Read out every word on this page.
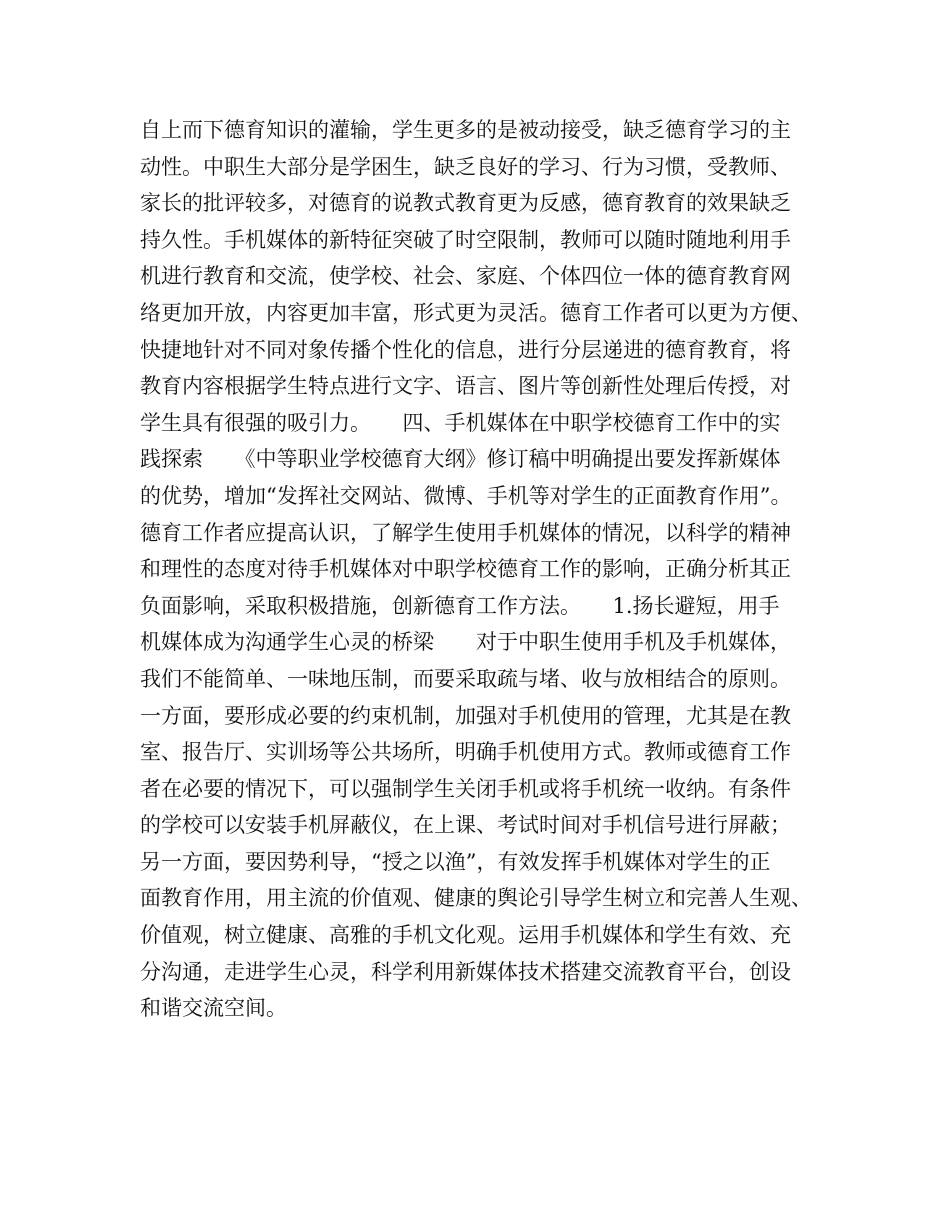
自上而下德育知识的灌输，学生更多的是被动接受，缺乏德育学习的主
动性。中职生大部分是学困生，缺乏良好的学习、行为习惯，受教师、
家长的批评较多，对德育的说教式教育更为反感，德育教育的效果缺乏
持久性。手机媒体的新特征突破了时空限制，教师可以随时随地利用手
机进行教育和交流，使学校、社会、家庭、个体四位一体的德育教育网
络更加开放，内容更加丰富，形式更为灵活。德育工作者可以更为方便、
快捷地针对不同对象传播个性化的信息，进行分层递进的德育教育，将
教育内容根据学生特点进行文字、语言、图片等创新性处理后传授，对
学生具有很强的吸引力。　　四、手机媒体在中职学校德育工作中的实
践探索　　《中等职业学校德育大纲》修订稿中明确提出要发挥新媒体
的优势，增加“发挥社交网站、微博、手机等对学生的正面教育作用”。
德育工作者应提高认识，了解学生使用手机媒体的情况，以科学的精神
和理性的态度对待手机媒体对中职学校德育工作的影响，正确分析其正
负面影响，采取积极措施，创新德育工作方法。　　1.扬长避短，用手
机媒体成为沟通学生心灵的桥梁　　对于中职生使用手机及手机媒体，
我们不能简单、一味地压制，而要采取疏与堵、收与放相结合的原则。
一方面，要形成必要的约束机制，加强对手机使用的管理，尤其是在教
室、报告厅、实训场等公共场所，明确手机使用方式。教师或德育工作
者在必要的情况下，可以强制学生关闭手机或将手机统一收纳。有条件
的学校可以安装手机屏蔽仪，在上课、考试时间对手机信号进行屏蔽；
另一方面，要因势利导，“授之以渔”，有效发挥手机媒体对学生的正
面教育作用，用主流的价值观、健康的舆论引导学生树立和完善人生观、
价值观，树立健康、高雅的手机文化观。运用手机媒体和学生有效、充
分沟通，走进学生心灵，科学利用新媒体技术搭建交流教育平台，创设
和谐交流空间。
